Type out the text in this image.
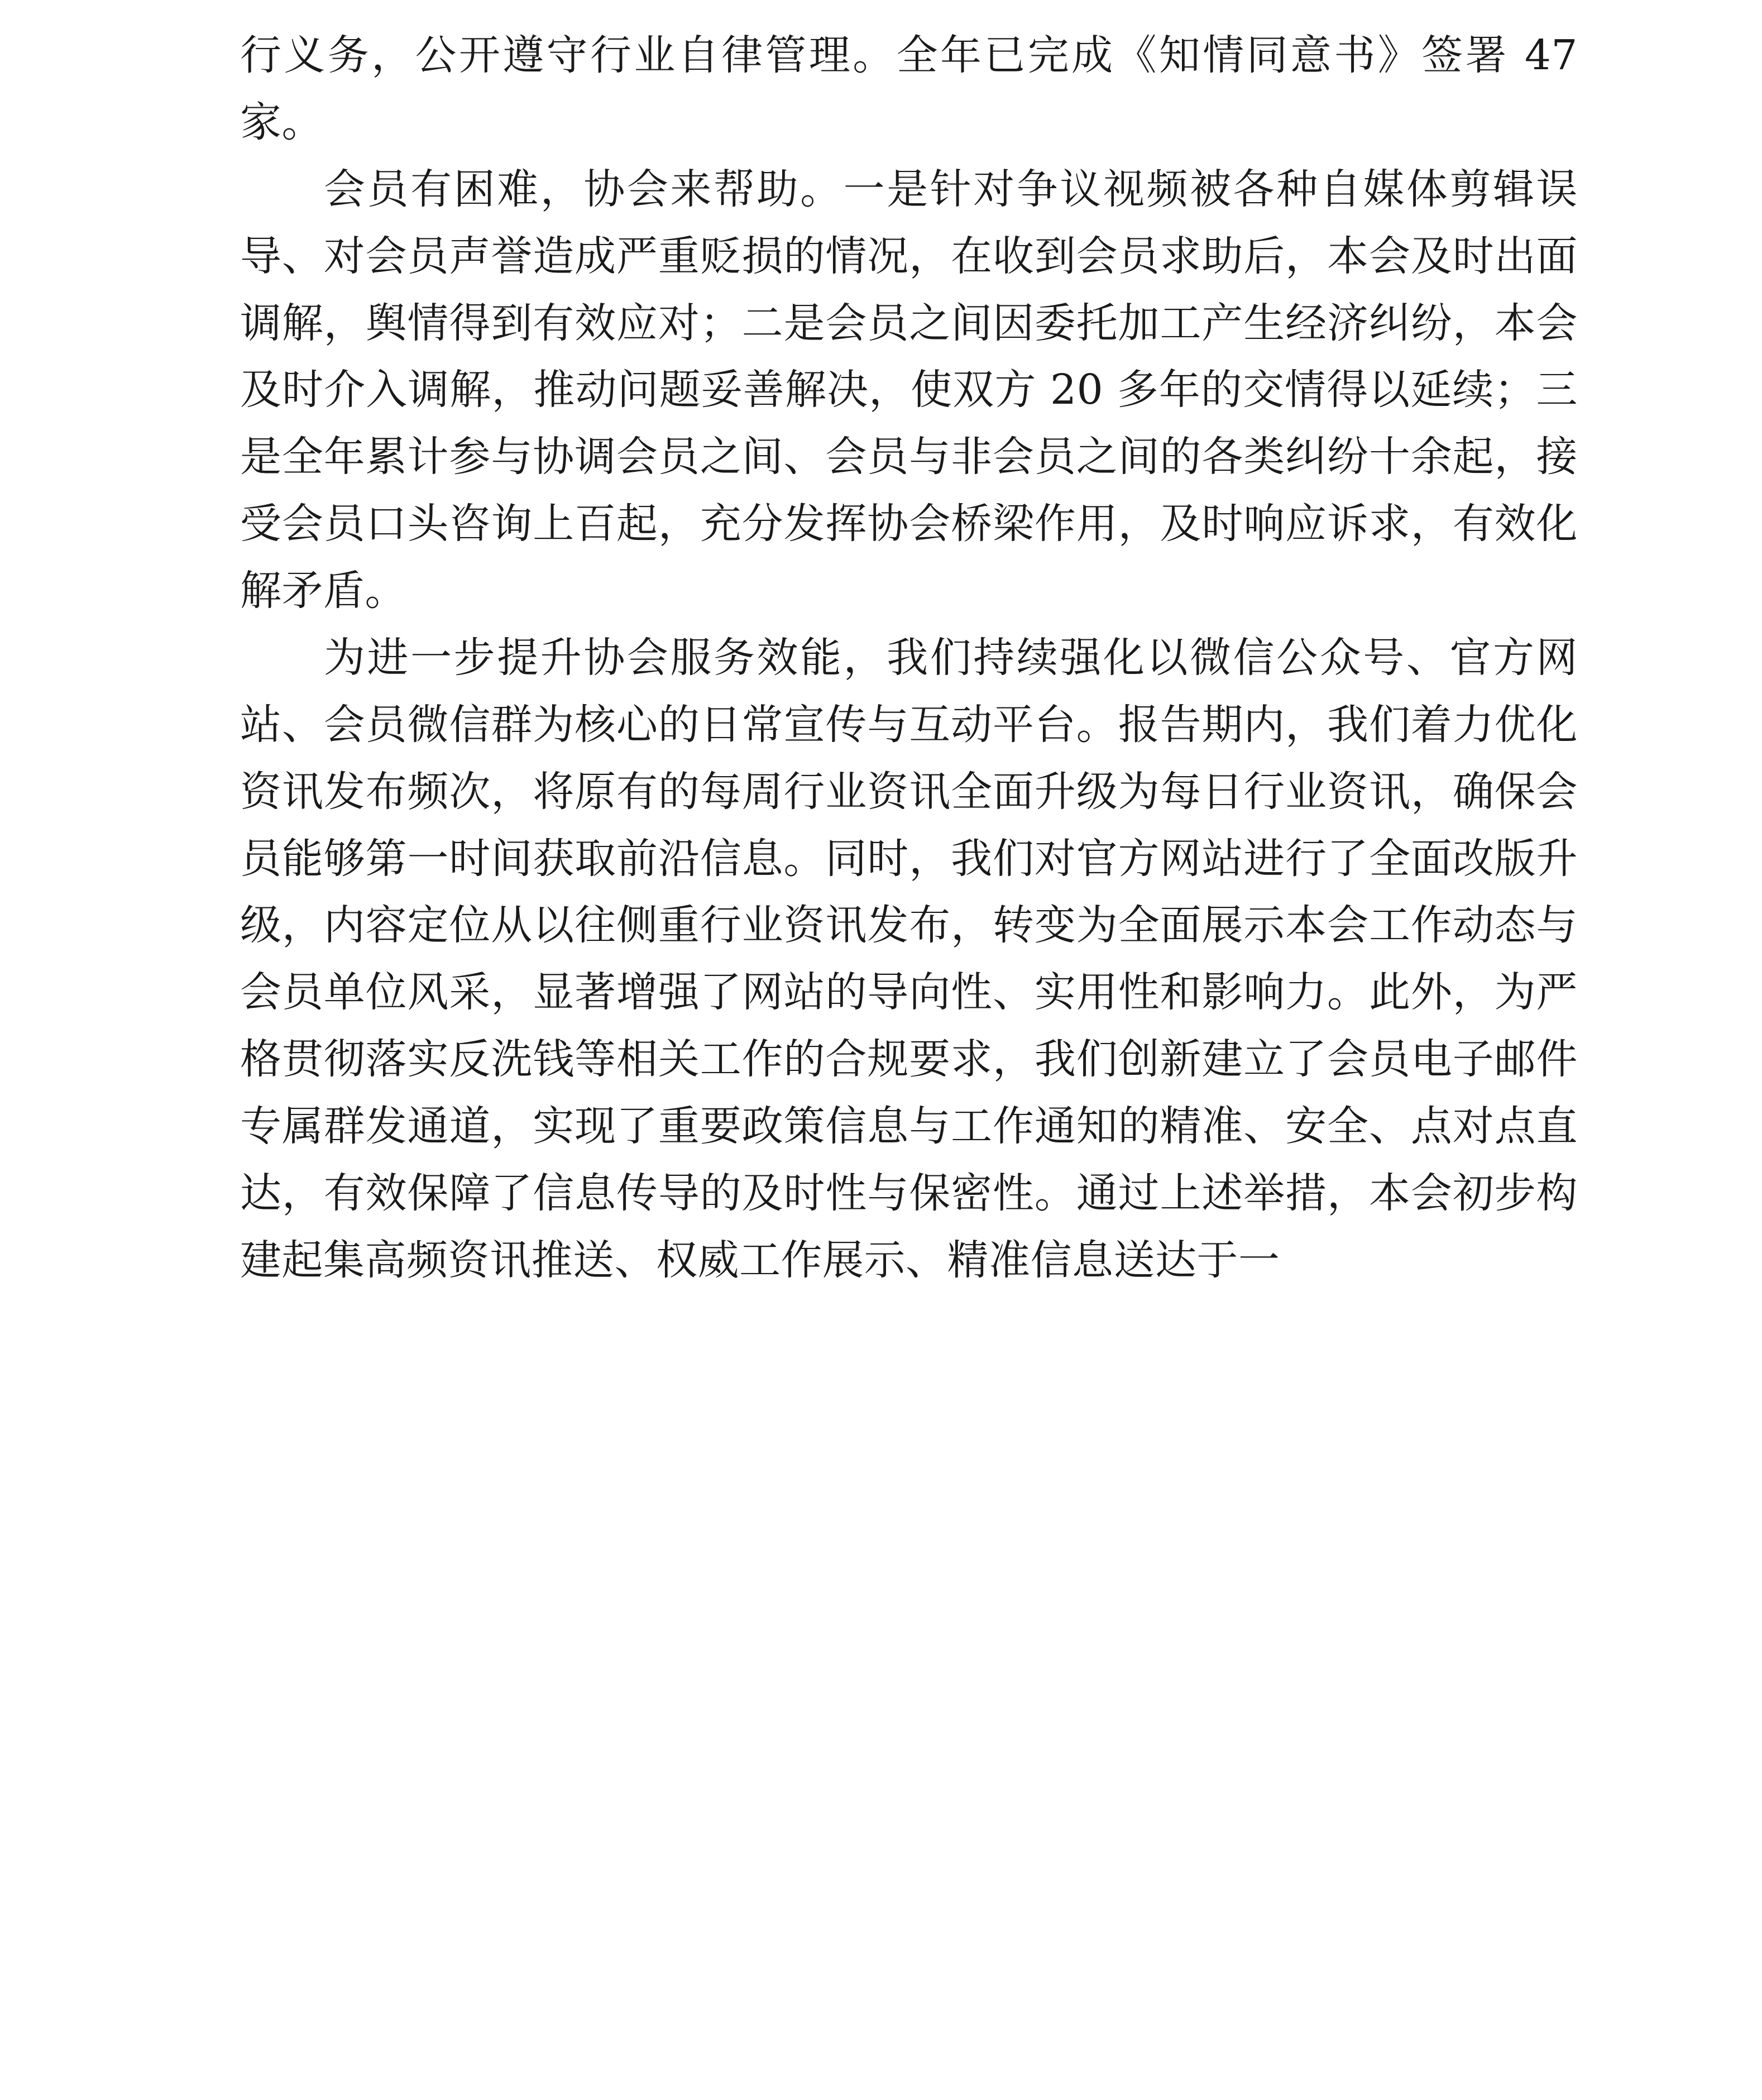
行义务，公开遵守行业自律管理。全年已完成《知情同意书》签署 47 家。

会员有困难，协会来帮助。一是针对争议视频被各种自媒体剪辑误导、对会员声誉造成严重贬损的情况，在收到会员求助后，本会及时出面调解，舆情得到有效应对；二是会员之间因委托加工产生经济纠纷，本会及时介入调解，推动问题妥善解决，使双方 20 多年的交情得以延续；三是全年累计参与协调会员之间、会员与非会员之间的各类纠纷十余起，接受会员口头咨询上百起，充分发挥协会桥梁作用，及时响应诉求，有效化解矛盾。

为进一步提升协会服务效能，我们持续强化以微信公众号、官方网站、会员微信群为核心的日常宣传与互动平台。报告期内，我们着力优化资讯发布频次，将原有的每周行业资讯全面升级为每日行业资讯，确保会员能够第一时间获取前沿信息。同时，我们对官方网站进行了全面改版升级，内容定位从以往侧重行业资讯发布，转变为全面展示本会工作动态与会员单位风采，显著增强了网站的导向性、实用性和影响力。此外，为严格贯彻落实反洗钱等相关工作的合规要求，我们创新建立了会员电子邮件专属群发通道，实现了重要政策信息与工作通知的精准、安全、点对点直达，有效保障了信息传导的及时性与保密性。通过上述举措，本会初步构建起集高频资讯推送、权威工作展示、精准信息送达于一
